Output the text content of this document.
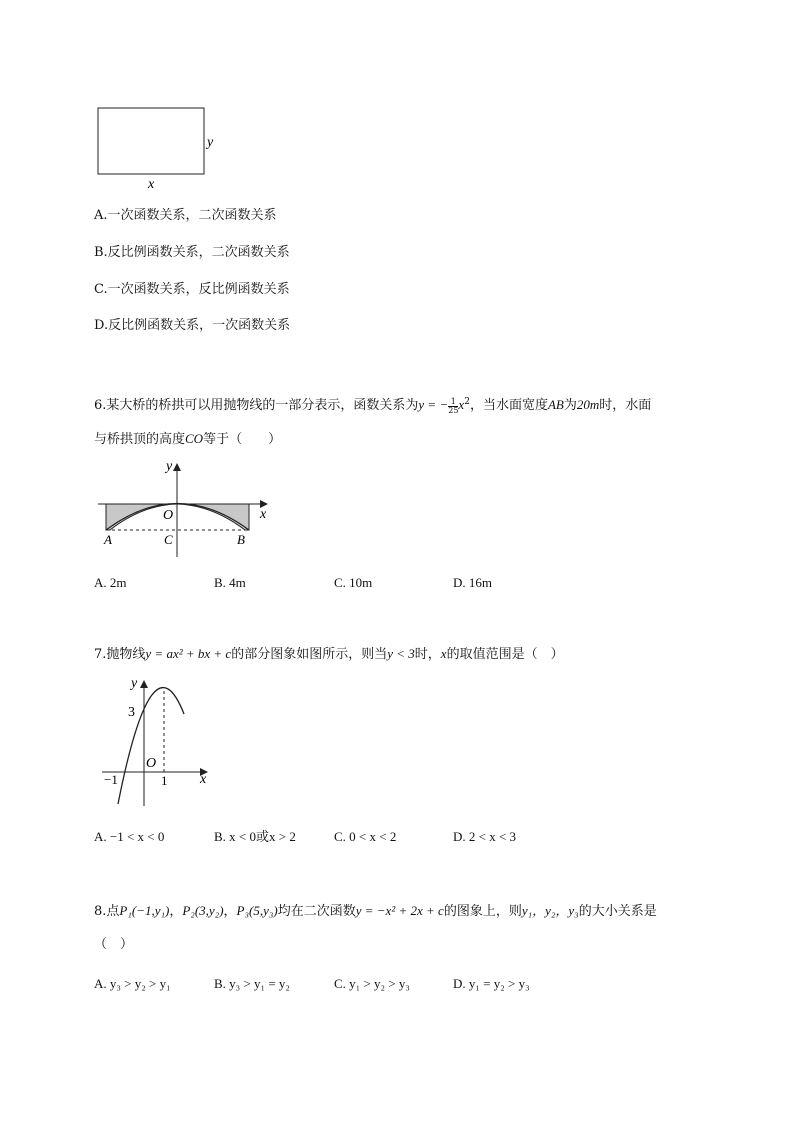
y
x
A.一次函数关系，二次函数关系
B.反比例函数关系，二次函数关系
C.一次函数关系，反比例函数关系
D.反比例函数关系，一次函数关系
6.某大桥的桥拱可以用抛物线的一部分表示，函数关系为y = − $\frac{1}{25} x^2$，当水面宽度AB为20m时，水面
与桥拱顶的高度CO等于（　　）
y
x
O
A	C	B
A. 2m	B. 4m	C. 10m	D. 16m
7.抛物线y = ax² + bx + c的部分图象如图所示，则当y < 3时，x的取值范围是（　）
y
3
O
−1	1 x
A. −1 < x < 0	B. x < 0或x > 2	C. 0 < x < 2	D. 2 < x < 3
8.点P₁(−1,y₁)，P₂(3,y₂)，P₃(5,y₃)均在二次函数y = −x² + 2x + c的图象上，则y₁，y₂，y₃的大小关系是
（　）
A. y₃ > y₂ > y₁	B. y₃ > y₁ = y₂	C. y₁ > y₂ > y₃	D. y₁ = y₂ > y₃
